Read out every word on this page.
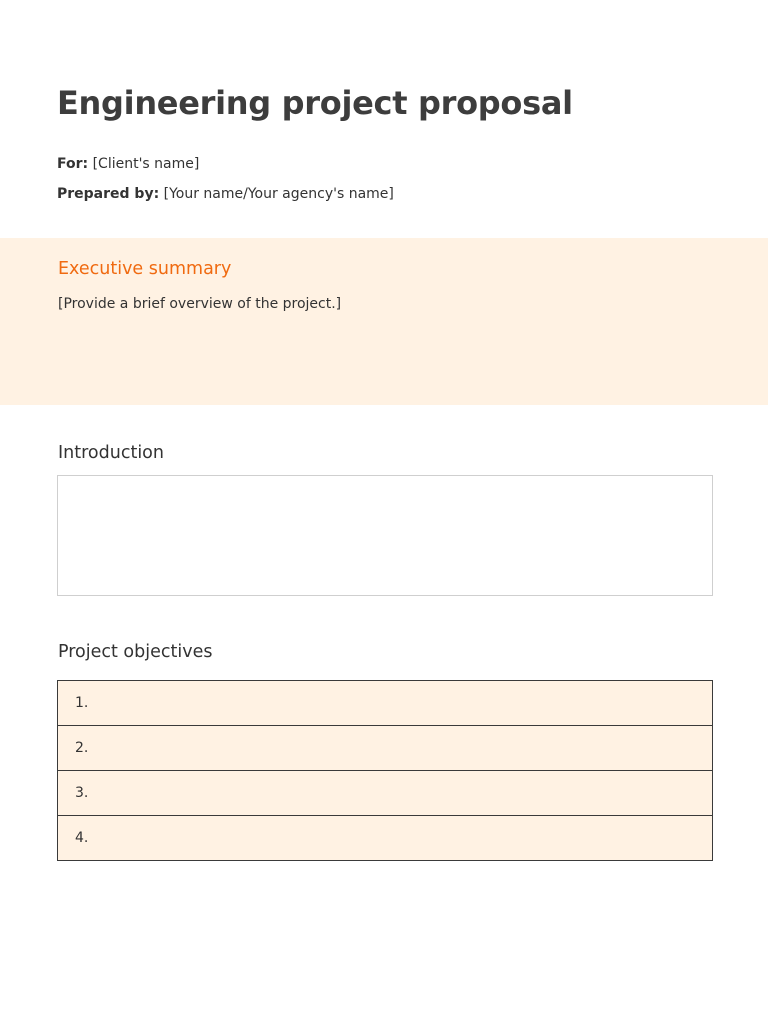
Engineering project proposal
For: [Client's name]
Prepared by: [Your name/Your agency's name]
Executive summary
[Provide a brief overview of the project.]
Introduction
Project objectives
1.
2.
3.
4.
